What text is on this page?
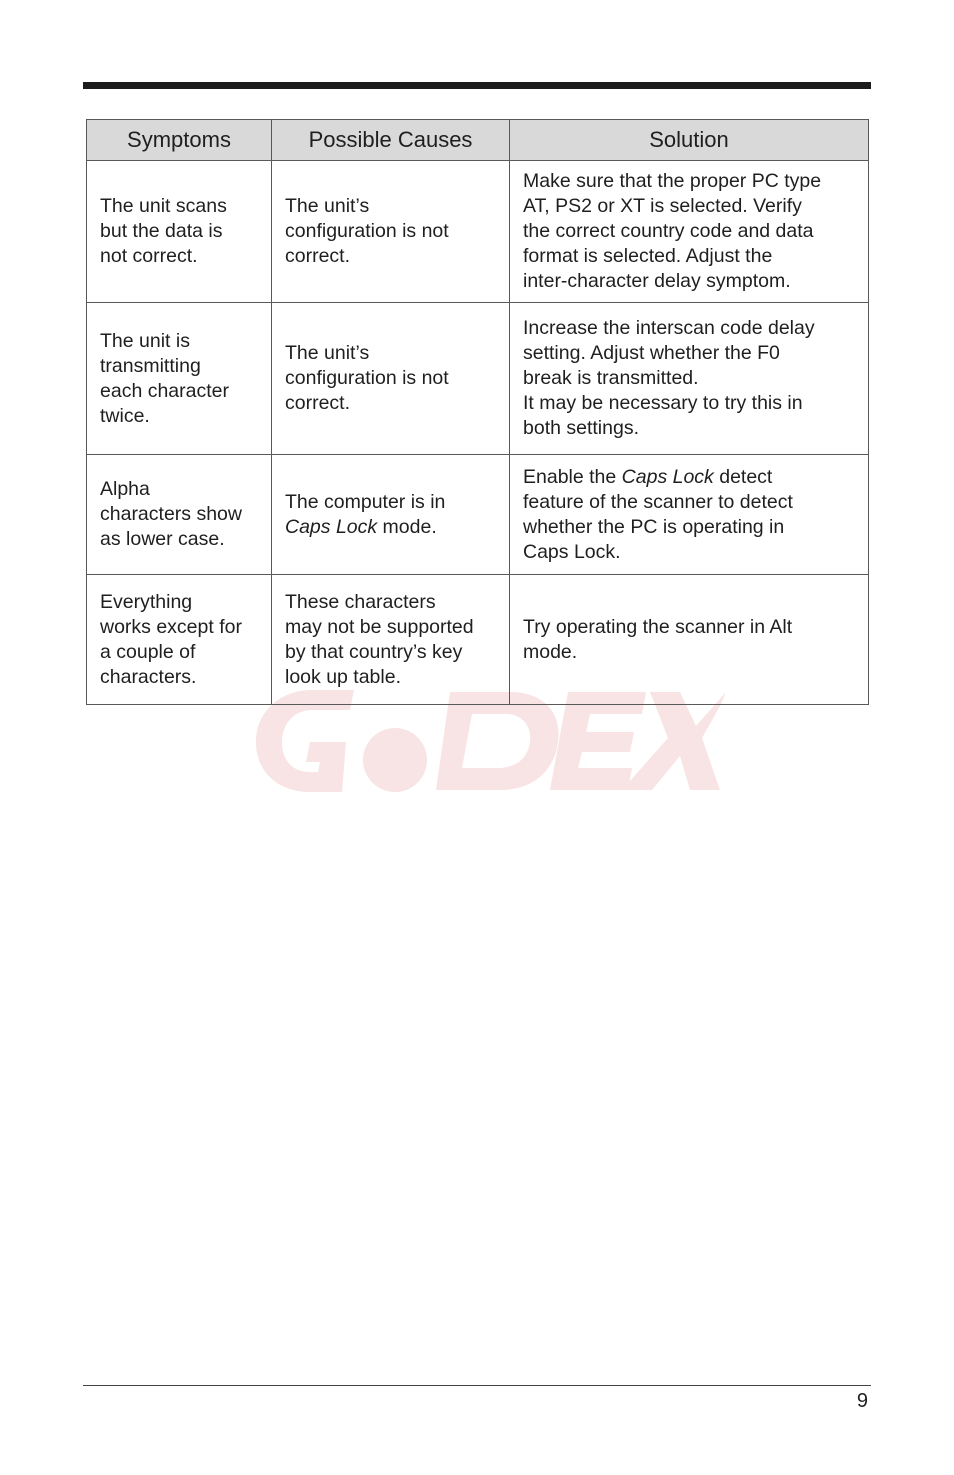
Symptoms	Possible Causes	Solution

The unit scans
but the data is
not correct.	The unit’s
configuration is not
correct.	Make sure that the proper PC type
AT, PS2 or XT is selected. Verify
the correct country code and data
format is selected. Adjust the
inter-character delay symptom.

The unit is
transmitting
each character
twice.	The unit’s
configuration is not
correct.	Increase the interscan code delay
setting. Adjust whether the F0
break is transmitted.
It may be necessary to try this in
both settings.

Alpha
characters show
as lower case.	The computer is in
Caps Lock mode.	Enable the Caps Lock detect
feature of the scanner to detect
whether the PC is operating in
Caps Lock.

Everything
works except for
a couple of
characters.	These characters
may not be supported
by that country’s key
look up table.	Try operating the scanner in Alt
mode.
9
